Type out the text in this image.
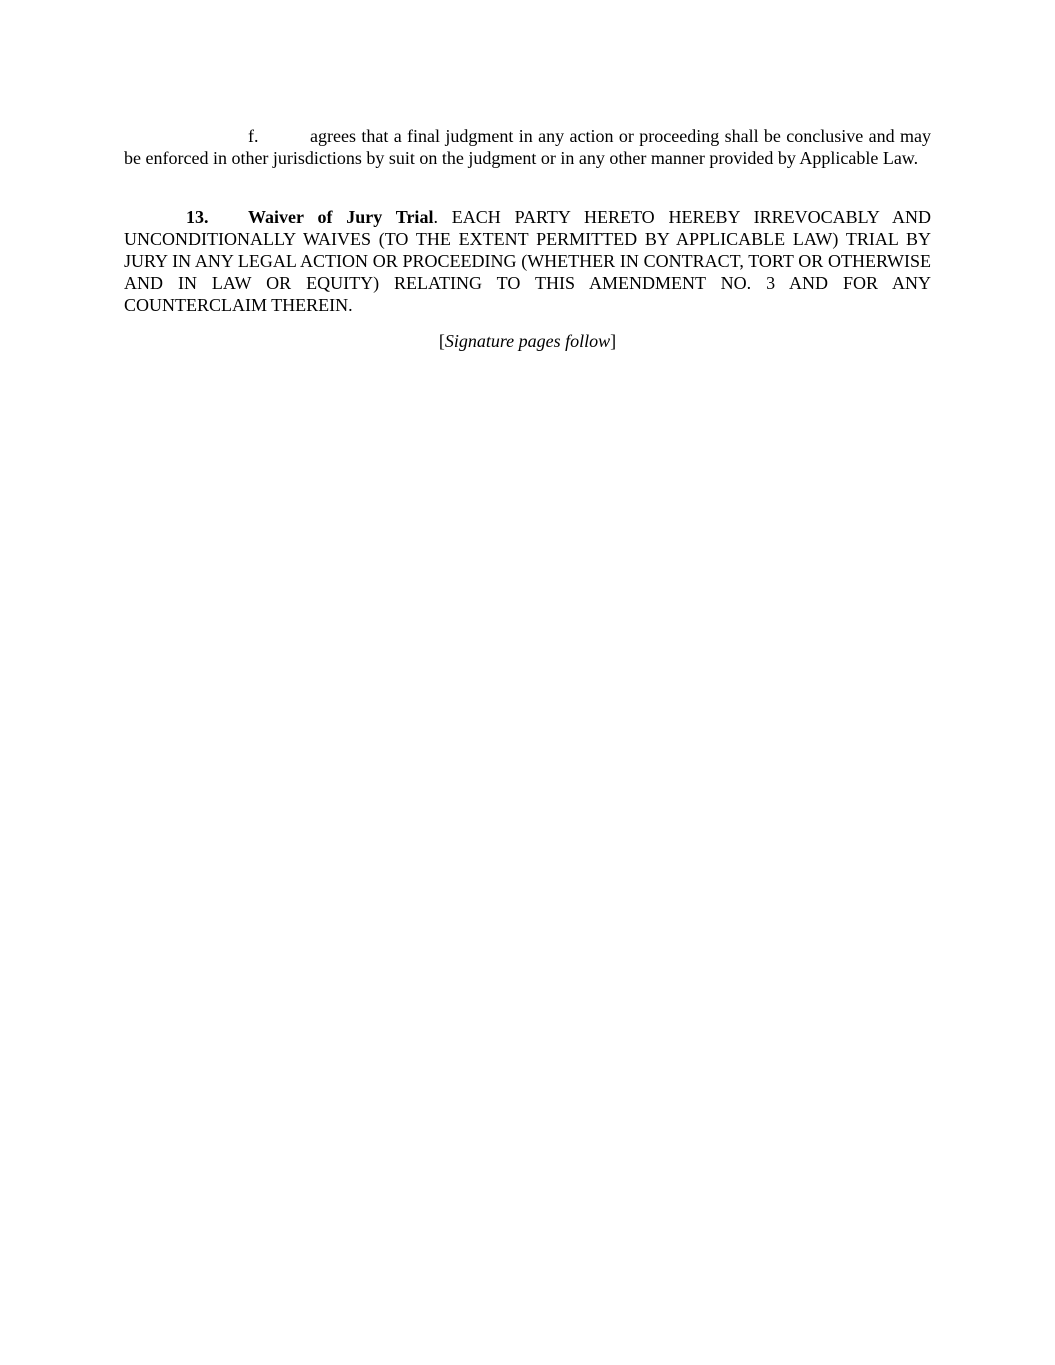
f.	agrees that a final judgment in any action or proceeding shall be conclusive and may be enforced in other jurisdictions by suit on the judgment or in any other manner provided by Applicable Law.

13. Waiver of Jury Trial. EACH PARTY HERETO HEREBY IRREVOCABLY AND UNCONDITIONALLY WAIVES (TO THE EXTENT PERMITTED BY APPLICABLE LAW) TRIAL BY JURY IN ANY LEGAL ACTION OR PROCEEDING (WHETHER IN CONTRACT, TORT OR OTHERWISE AND IN LAW OR EQUITY) RELATING TO THIS AMENDMENT NO. 3 AND FOR ANY COUNTERCLAIM THEREIN.

[Signature pages follow]
